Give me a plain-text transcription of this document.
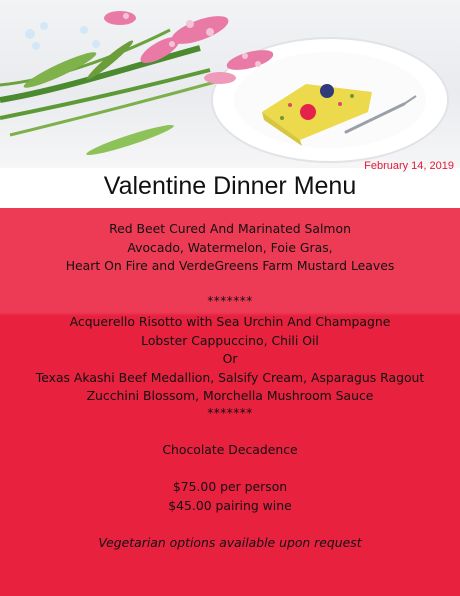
February 14, 2019
Valentine Dinner Menu
Red Beet Cured And Marinated Salmon
Avocado, Watermelon, Foie Gras,
Heart On Fire and VerdeGreens Farm Mustard Leaves
*******
Acquerello Risotto with Sea Urchin And Champagne
Lobster Cappuccino, Chili Oil
Or
Texas Akashi Beef Medallion, Salsify Cream, Asparagus Ragout
Zucchini Blossom, Morchella Mushroom Sauce
*******
Chocolate Decadence
$75.00 per person
$45.00 pairing wine
Vegetarian options available upon request
